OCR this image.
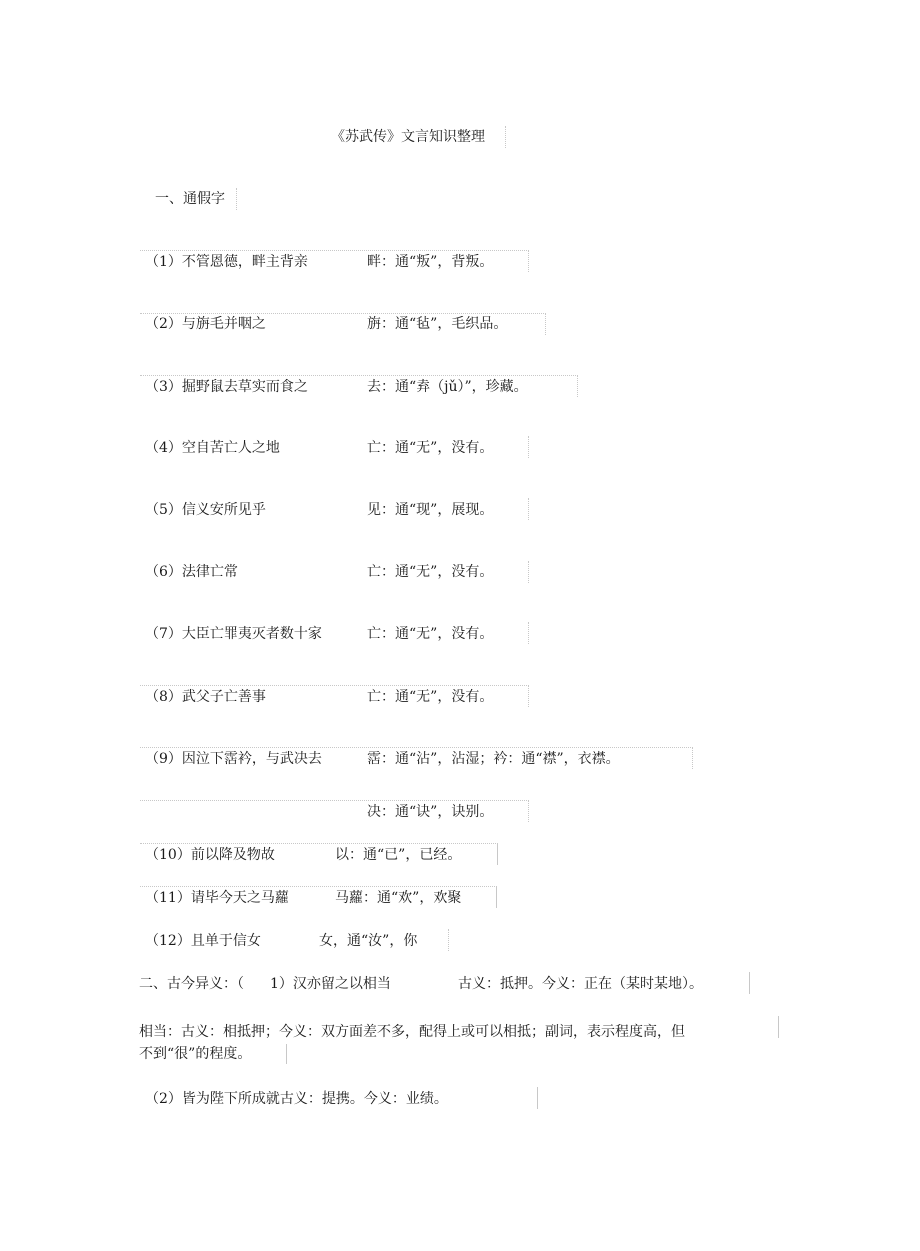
《苏武传》文言知识整理
一、通假字
（1）不管恩德，畔主背亲	畔：通“叛”，背叛。
（2）与旃毛并咽之	旃：通“毡”，毛织品。
（3）掘野鼠去草实而食之	去：通“弆（jǔ）”，珍藏。
（4）空自苦亡人之地	亡：通“无”，没有。
（5）信义安所见乎	见：通“现”，展现。
（6）法律亡常	亡：通“无”，没有。
（7）大臣亡罪夷灭者数十家	亡：通“无”，没有。
（8）武父子亡善事	亡：通“无”，没有。
（9）因泣下霑衿，与武决去	霑：通“沾”，沾湿；衿：通“襟”，衣襟。
决：通“诀”，诀别。
（10）前以降及物故	以：通“已”，已经。
（11）请毕今天之马蘿	马蘿：通“欢”，欢聚
（12）且单于信女	女，通“汝”，你
二、古今异义：（ 1）汉亦留之以相当	古义：抵押。今义：正在（某时某地）。
相当：古义：相抵押；今义：双方面差不多，配得上或可以相抵；副词，表示程度高，但
不到“很”的程度。
（2）皆为陛下所成就古义：提携。今义：业绩。
